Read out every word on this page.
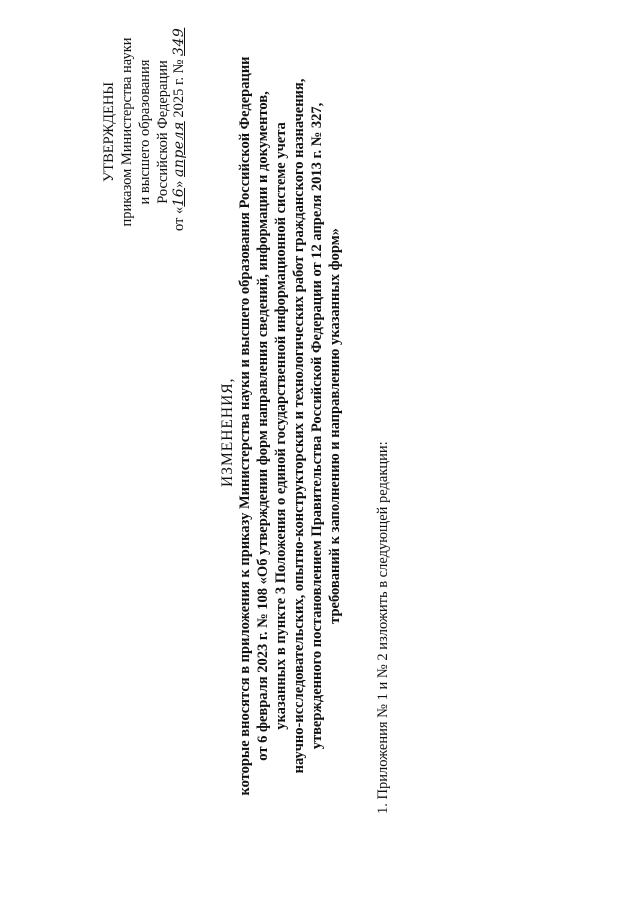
УТВЕРЖДЕНЫ приказом Министерства науки и высшего образования Российской Федерации
от «16» апреля 2025 г. № 349
ИЗМЕНЕНИЯ, которые вносятся в приложения к приказу Министерства науки и высшего образования Российской Федерации от 6 февраля 2023 г. № 108 «Об утверждении форм направления сведений, информации и документов, указанных в пункте 3 Положения о единой государственной информационной системе учета научно-исследовательских, опытно-конструкторских и технологических работ гражданского назначения, утвержденного постановлением Правительства Российской Федерации от 12 апреля 2013 г. № 327, требований к заполнению и направлению указанных форм»
1. Приложения № 1 и № 2 изложить в следующей редакции:
